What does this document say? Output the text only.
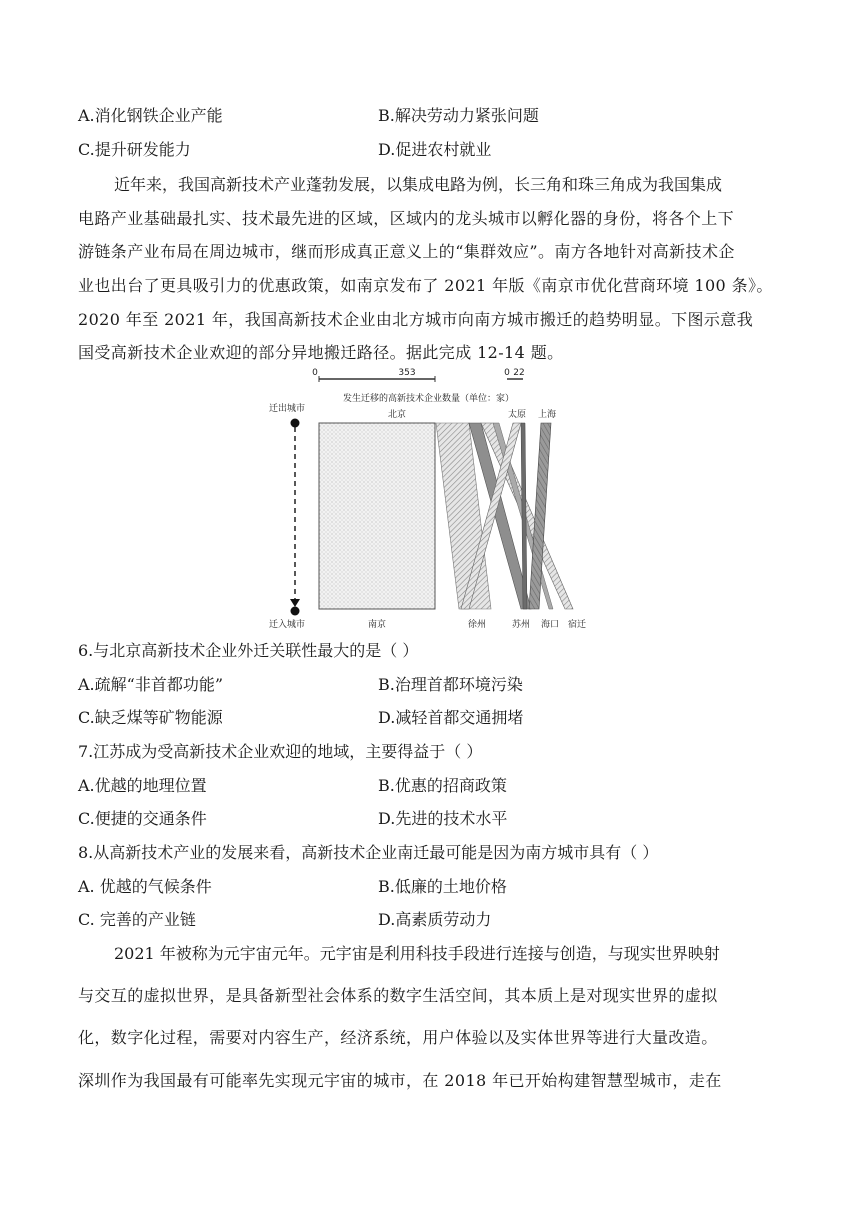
A.消化钢铁企业产能	B.解决劳动力紧张问题
C.提升研发能力	D.促进农村就业
近年来，我国高新技术产业蓬勃发展，以集成电路为例，长三角和珠三角成为我国集成
电路产业基础最扎实、技术最先进的区域，区域内的龙头城市以孵化器的身份，将各个上下
游链条产业布局在周边城市，继而形成真正意义上的“集群效应”。南方各地针对高新技术企
业也出台了更具吸引力的优惠政策，如南京发布了 2021 年版《南京市优化营商环境 100 条》。
2020 年至 2021 年，我国高新技术企业由北方城市向南方城市搬迁的趋势明显。下图示意我
国受高新技术企业欢迎的部分异地搬迁路径。据此完成 12-14 题。
0	353	0 22
发生迁移的高新技术企业数量（单位：家）
迁出城市
北京	太原 上海
迁入城市	南京	徐州	苏州 海口 宿迁
6.与北京高新技术企业外迁关联性最大的是（ ）
A.疏解“非首都功能”	B.治理首都环境污染
C.缺乏煤等矿物能源	D.减轻首都交通拥堵
7.江苏成为受高新技术企业欢迎的地域，主要得益于（ ）
A.优越的地理位置	B.优惠的招商政策
C.便捷的交通条件	D.先进的技术水平
8.从高新技术产业的发展来看，高新技术企业南迁最可能是因为南方城市具有（ ）
A. 优越的气候条件	B.低廉的土地价格
C. 完善的产业链	D.高素质劳动力
2021 年被称为元宇宙元年。元宇宙是利用科技手段进行连接与创造，与现实世界映射
与交互的虚拟世界，是具备新型社会体系的数字生活空间，其本质上是对现实世界的虚拟
化，数字化过程，需要对内容生产，经济系统，用户体验以及实体世界等进行大量改造。
深圳作为我国最有可能率先实现元宇宙的城市，在 2018 年已开始构建智慧型城市，走在
